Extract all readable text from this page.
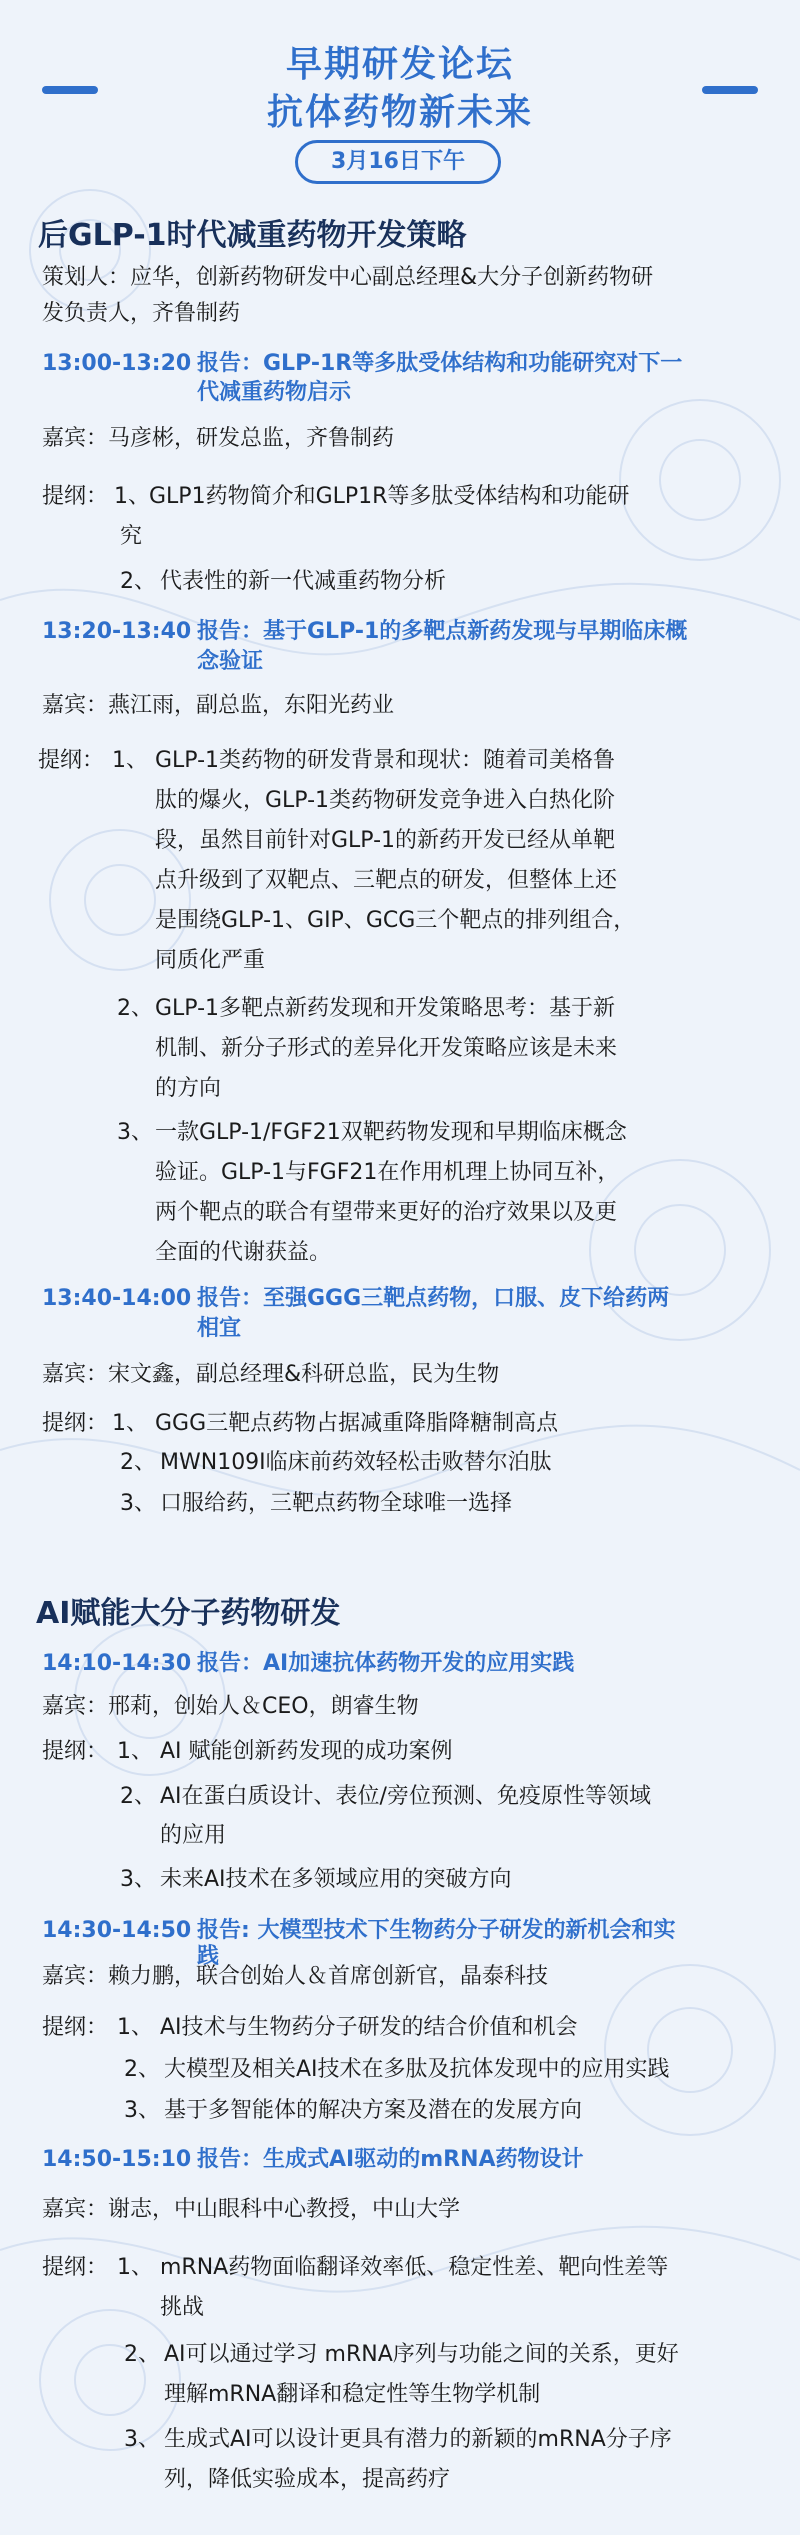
早期研发论坛
抗体药物新未来
3月16日下午
后GLP-1时代减重药物开发策略
策划人：应华，创新药物研发中心副总经理&大分子创新药物研
发负责人，齐鲁制药
13:00-13:20 报告：GLP-1R等多肽受体结构和功能研究对下一
代减重药物启示
嘉宾：马彦彬，研发总监，齐鲁制药
提纲： 1、 GLP1药物简介和GLP1R等多肽受体结构和功能研
究
2、 代表性的新一代减重药物分析
13:20-13:40 报告：基于GLP-1的多靶点新药发现与早期临床概
念验证
嘉宾：燕江雨，副总监，东阳光药业
提纲： 1、 GLP-1类药物的研发背景和现状：随着司美格鲁
肽的爆火，GLP-1类药物研发竞争进入白热化阶
段，虽然目前针对GLP-1的新药开发已经从单靶
点升级到了双靶点、三靶点的研发，但整体上还
是围绕GLP-1、GIP、GCG三个靶点的排列组合，
同质化严重
2、 GLP-1多靶点新药发现和开发策略思考：基于新
机制、新分子形式的差异化开发策略应该是未来
的方向
3、 一款GLP-1/FGF21双靶药物发现和早期临床概念
验证。GLP-1与FGF21在作用机理上协同互补，
两个靶点的联合有望带来更好的治疗效果以及更
全面的代谢获益。
13:40-14:00 报告：至强GGG三靶点药物，口服、皮下给药两
相宜
嘉宾：宋文鑫，副总经理&科研总监，民为生物
提纲： 1、 GGG三靶点药物占据减重降脂降糖制高点
2、 MWN109I临床前药效轻松击败替尔泊肽
3、 口服给药，三靶点药物全球唯一选择
AI赋能大分子药物研发
14:10-14:30 报告：AI加速抗体药物开发的应用实践
嘉宾：邢莉，创始人＆CEO，朗睿生物
提纲： 1、 AI 赋能创新药发现的成功案例
2、 AI在蛋白质设计、表位/旁位预测、免疫原性等领域
的应用
3、 未来AI技术在多领域应用的突破方向
14:30-14:50 报告: 大模型技术下生物药分子研发的新机会和实
践
嘉宾：赖力鹏，联合创始人＆首席创新官，晶泰科技
提纲： 1、 AI技术与生物药分子研发的结合价值和机会
2、 大模型及相关AI技术在多肽及抗体发现中的应用实践
3、 基于多智能体的解决方案及潜在的发展方向
14:50-15:10 报告：生成式AI驱动的mRNA药物设计
嘉宾：谢志，中山眼科中心教授，中山大学
提纲： 1、 mRNA药物面临翻译效率低、稳定性差、靶向性差等
挑战
2、 AI可以通过学习 mRNA序列与功能之间的关系，更好
理解mRNA翻译和稳定性等生物学机制
3、 生成式AI可以设计更具有潜力的新颖的mRNA分子序
列，降低实验成本，提高药疗
